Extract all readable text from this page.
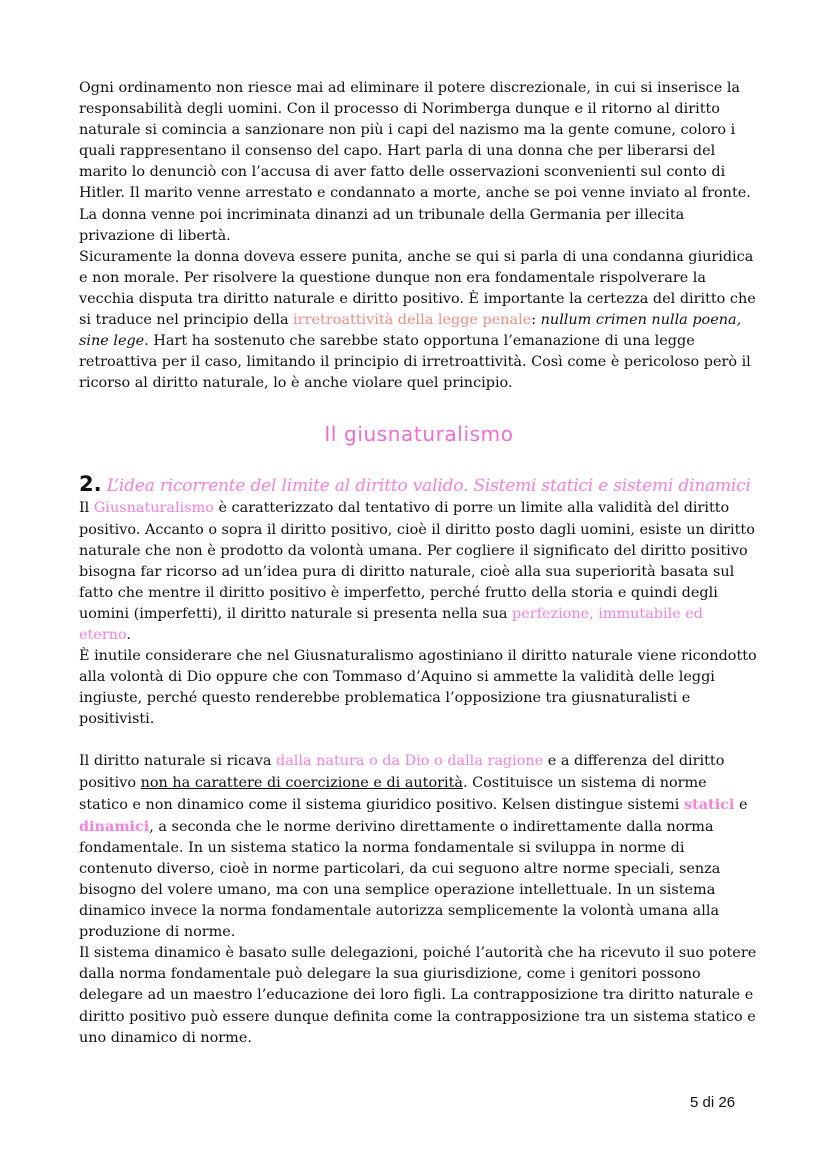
Ogni ordinamento non riesce mai ad eliminare il potere discrezionale, in cui si inserisce la responsabilità degli uomini. Con il processo di Norimberga dunque e il ritorno al diritto naturale si comincia a sanzionare non più i capi del nazismo ma la gente comune, coloro i quali rappresentano il consenso del capo. Hart parla di una donna che per liberarsi del marito lo denunciò con l’accusa di aver fatto delle osservazioni sconvenienti sul conto di Hitler. Il marito venne arrestato e condannato a morte, anche se poi venne inviato al fronte. La donna venne poi incriminata dinanzi ad un tribunale della Germania per illecita privazione di libertà.
Sicuramente la donna doveva essere punita, anche se qui si parla di una condanna giuridica e non morale. Per risolvere la questione dunque non era fondamentale rispolverare la vecchia disputa tra diritto naturale e diritto positivo. È importante la certezza del diritto che si traduce nel principio della irretroattività della legge penale: nullum crimen nulla poena, sine lege. Hart ha sostenuto che sarebbe stato opportuna l’emanazione di una legge retroattiva per il caso, limitando il principio di irretroattività. Così come è pericoloso però il ricorso al diritto naturale, lo è anche violare quel principio.

Il giusnaturalismo
2. L’idea ricorrente del limite al diritto valido. Sistemi statici e sistemi dinamici

Il Giusnaturalismo è caratterizzato dal tentativo di porre un limite alla validità del diritto positivo. Accanto o sopra il diritto positivo, cioè il diritto posto dagli uomini, esiste un diritto naturale che non è prodotto da volontà umana. Per cogliere il significato del diritto positivo bisogna far ricorso ad un’idea pura di diritto naturale, cioè alla sua superiorità basata sul fatto che mentre il diritto positivo è imperfetto, perché frutto della storia e quindi degli uomini (imperfetti), il diritto naturale si presenta nella sua perfezione, immutabile ed eterno.
È inutile considerare che nel Giusnaturalismo agostiniano il diritto naturale viene ricondotto alla volontà di Dio oppure che con Tommaso d’Aquino si ammette la validità delle leggi ingiuste, perché questo renderebbe problematica l’opposizione tra giusnaturalisti e positivisti.

Il diritto naturale si ricava dalla natura o da Dio o dalla ragione e a differenza del diritto positivo non ha carattere di coercizione e di autorità. Costituisce un sistema di norme statico e non dinamico come il sistema giuridico positivo. Kelsen distingue sistemi statici e dinamici, a seconda che le norme derivino direttamente o indirettamente dalla norma fondamentale. In un sistema statico la norma fondamentale si sviluppa in norme di contenuto diverso, cioè in norme particolari, da cui seguono altre norme speciali, senza bisogno del volere umano, ma con una semplice operazione intellettuale. In un sistema dinamico invece la norma fondamentale autorizza semplicemente la volontà umana alla produzione di norme.
Il sistema dinamico è basato sulle delegazioni, poiché l’autorità che ha ricevuto il suo potere dalla norma fondamentale può delegare la sua giurisdizione, come i genitori possono delegare ad un maestro l’educazione dei loro figli. La contrapposizione tra diritto naturale e diritto positivo può essere dunque definita come la contrapposizione tra un sistema statico e uno dinamico di norme.

5 di 26
